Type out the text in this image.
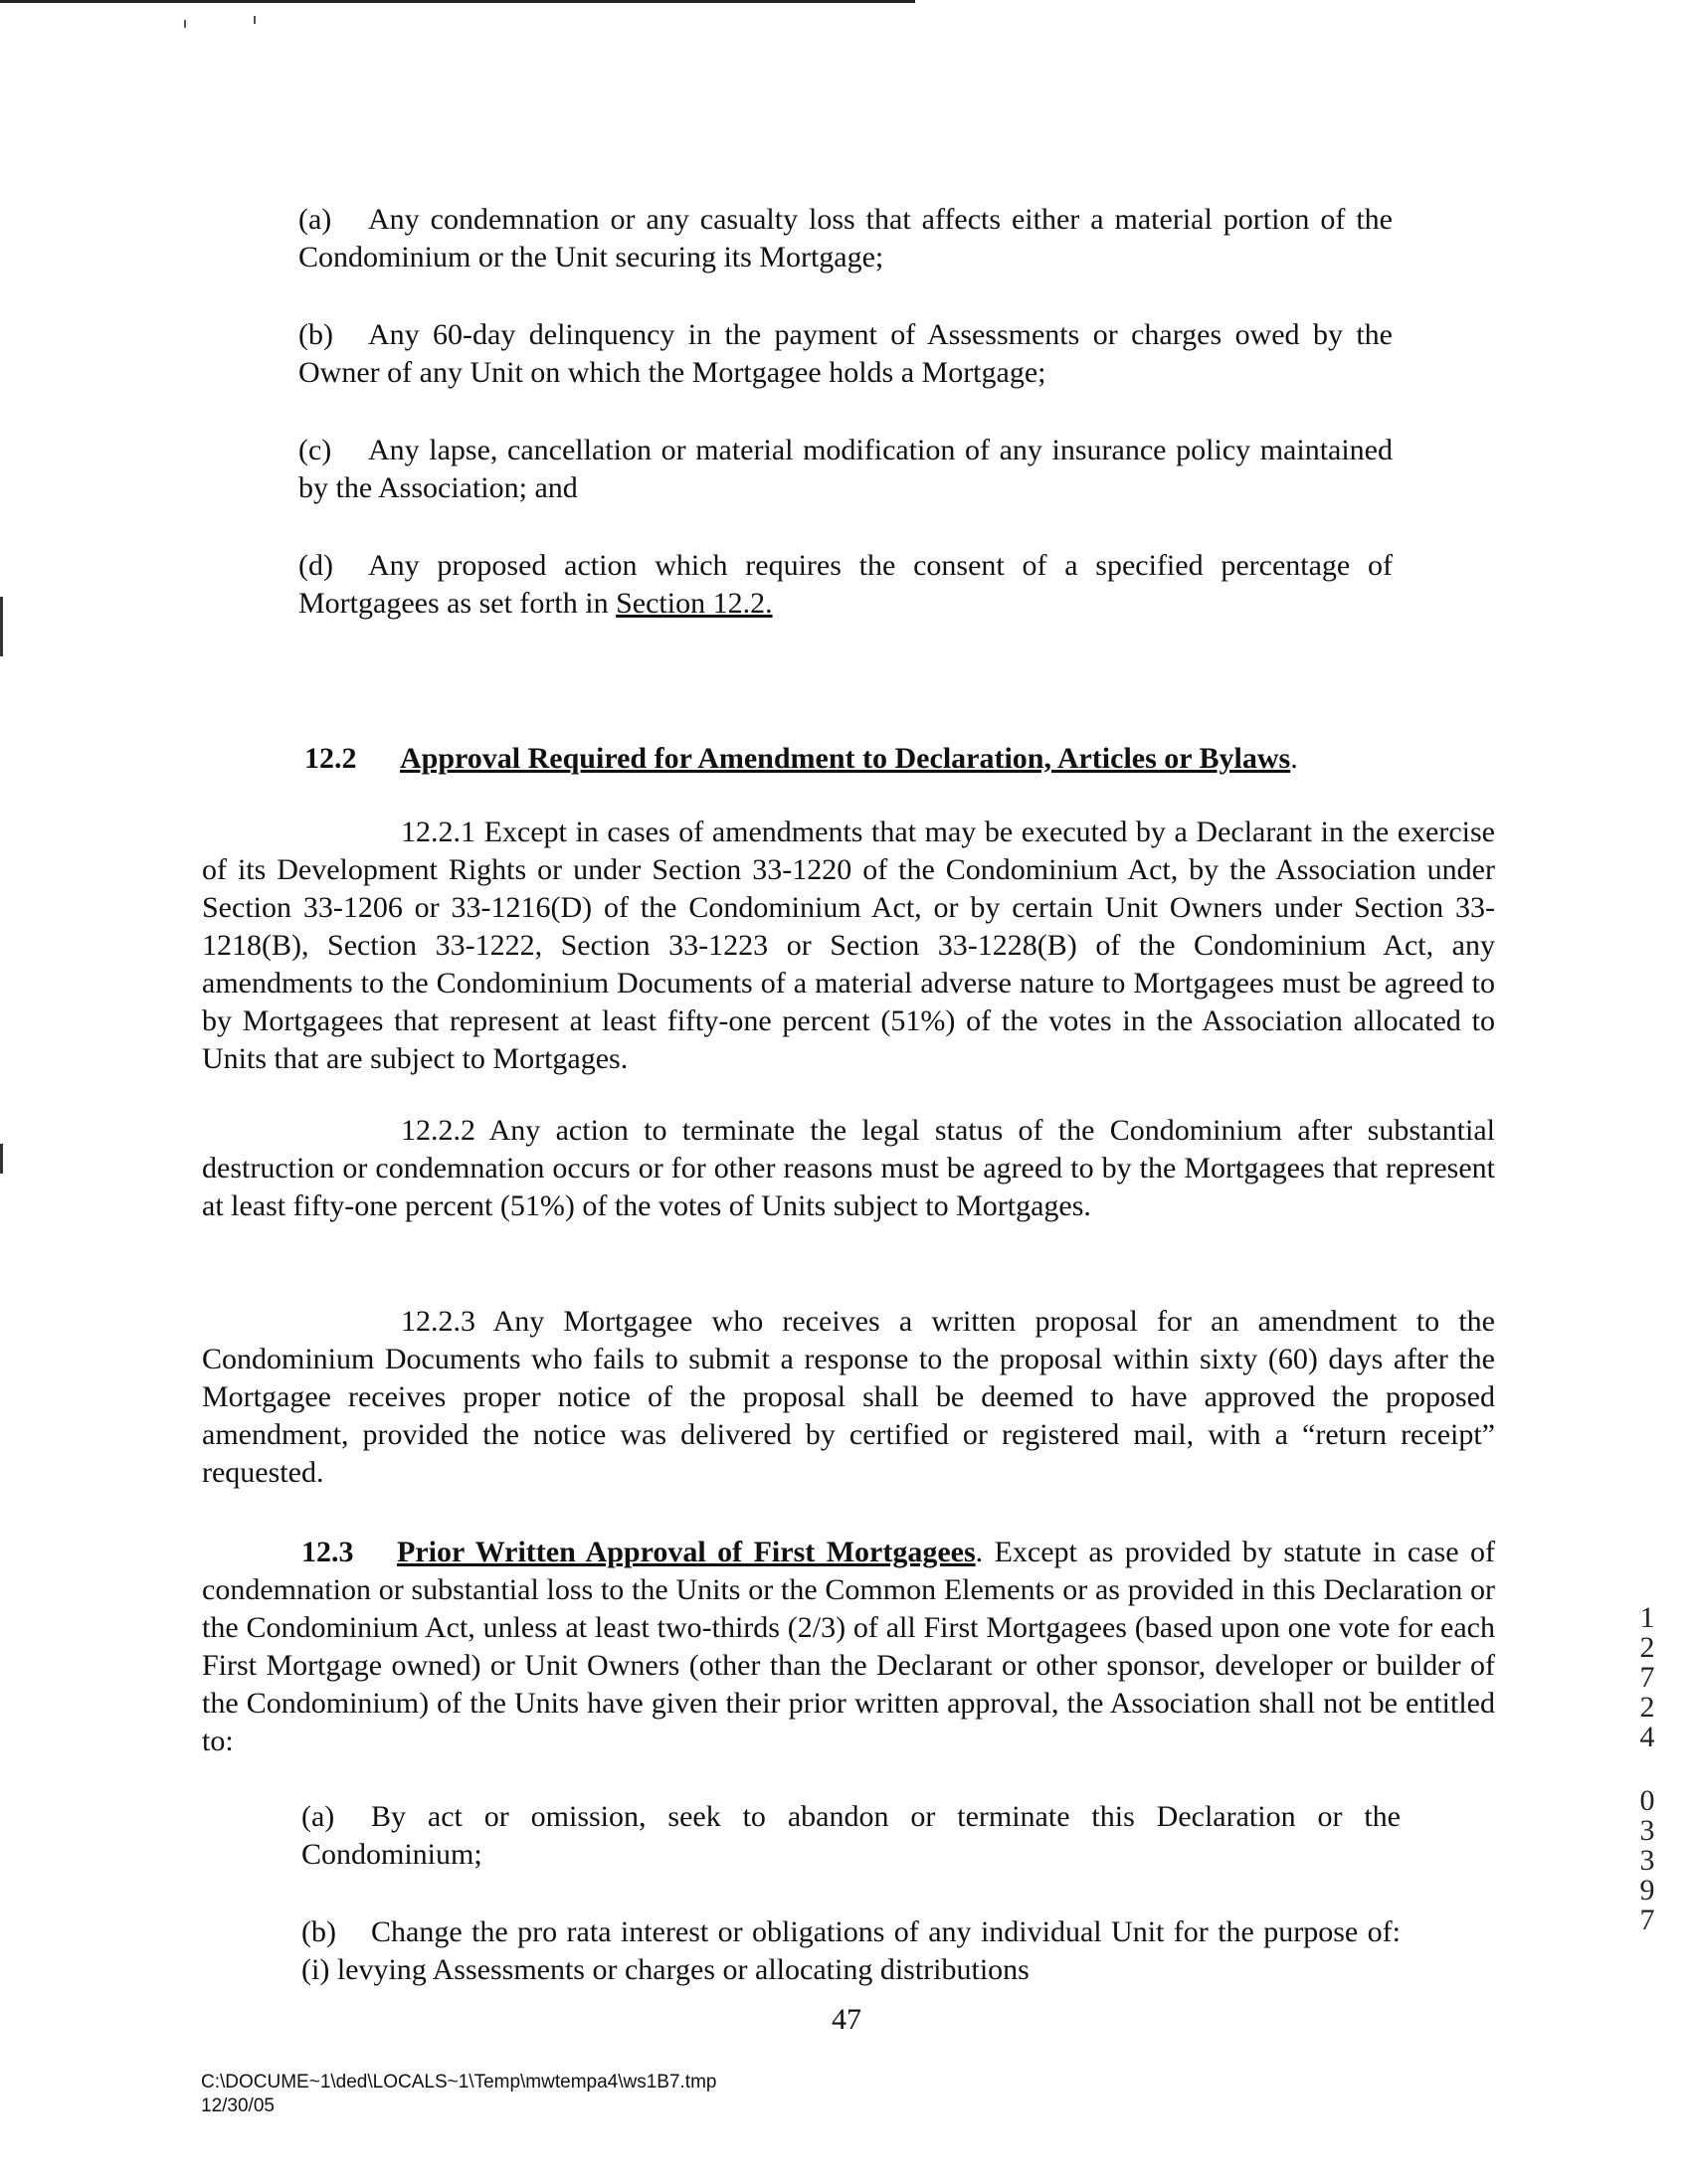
(a) Any condemnation or any casualty loss that affects either a material portion of the Condominium or the Unit securing its Mortgage;

(b) Any 60-day delinquency in the payment of Assessments or charges owed by the Owner of any Unit on which the Mortgagee holds a Mortgage;

(c) Any lapse, cancellation or material modification of any insurance policy maintained by the Association; and

(d) Any proposed action which requires the consent of a specified percentage of Mortgagees as set forth in Section 12.2.

12.2 Approval Required for Amendment to Declaration, Articles or Bylaws.

12.2.1 Except in cases of amendments that may be executed by a Declarant in the exercise of its Development Rights or under Section 33-1220 of the Condominium Act, by the Association under Section 33-1206 or 33-1216(D) of the Condominium Act, or by certain Unit Owners under Section 33-1218(B), Section 33-1222, Section 33-1223 or Section 33-1228(B) of the Condominium Act, any amendments to the Condominium Documents of a material adverse nature to Mortgagees must be agreed to by Mortgagees that represent at least fifty-one percent (51%) of the votes in the Association allocated to Units that are subject to Mortgages.

12.2.2 Any action to terminate the legal status of the Condominium after substantial destruction or condemnation occurs or for other reasons must be agreed to by the Mortgagees that represent at least fifty-one percent (51%) of the votes of Units subject to Mortgages.

12.2.3 Any Mortgagee who receives a written proposal for an amendment to the Condominium Documents who fails to submit a response to the proposal within sixty (60) days after the Mortgagee receives proper notice of the proposal shall be deemed to have approved the proposed amendment, provided the notice was delivered by certified or registered mail, with a “return receipt” requested.

12.3 Prior Written Approval of First Mortgagees. Except as provided by statute in case of condemnation or substantial loss to the Units or the Common Elements or as provided in this Declaration or the Condominium Act, unless at least two-thirds (2/3) of all First Mortgagees (based upon one vote for each First Mortgage owned) or Unit Owners (other than the Declarant or other sponsor, developer or builder of the Condominium) of the Units have given their prior written approval, the Association shall not be entitled to:

(a) By act or omission, seek to abandon or terminate this Declaration or the Condominium;

(b) Change the pro rata interest or obligations of any individual Unit for the purpose of: (i) levying Assessments or charges or allocating distributions

47
C:\DOCUME~1\ded\LOCALS~1\Temp\mwtempa4\ws1B7.tmp
12/30/05
1
2
7
2
4
0
3
3
9
7
